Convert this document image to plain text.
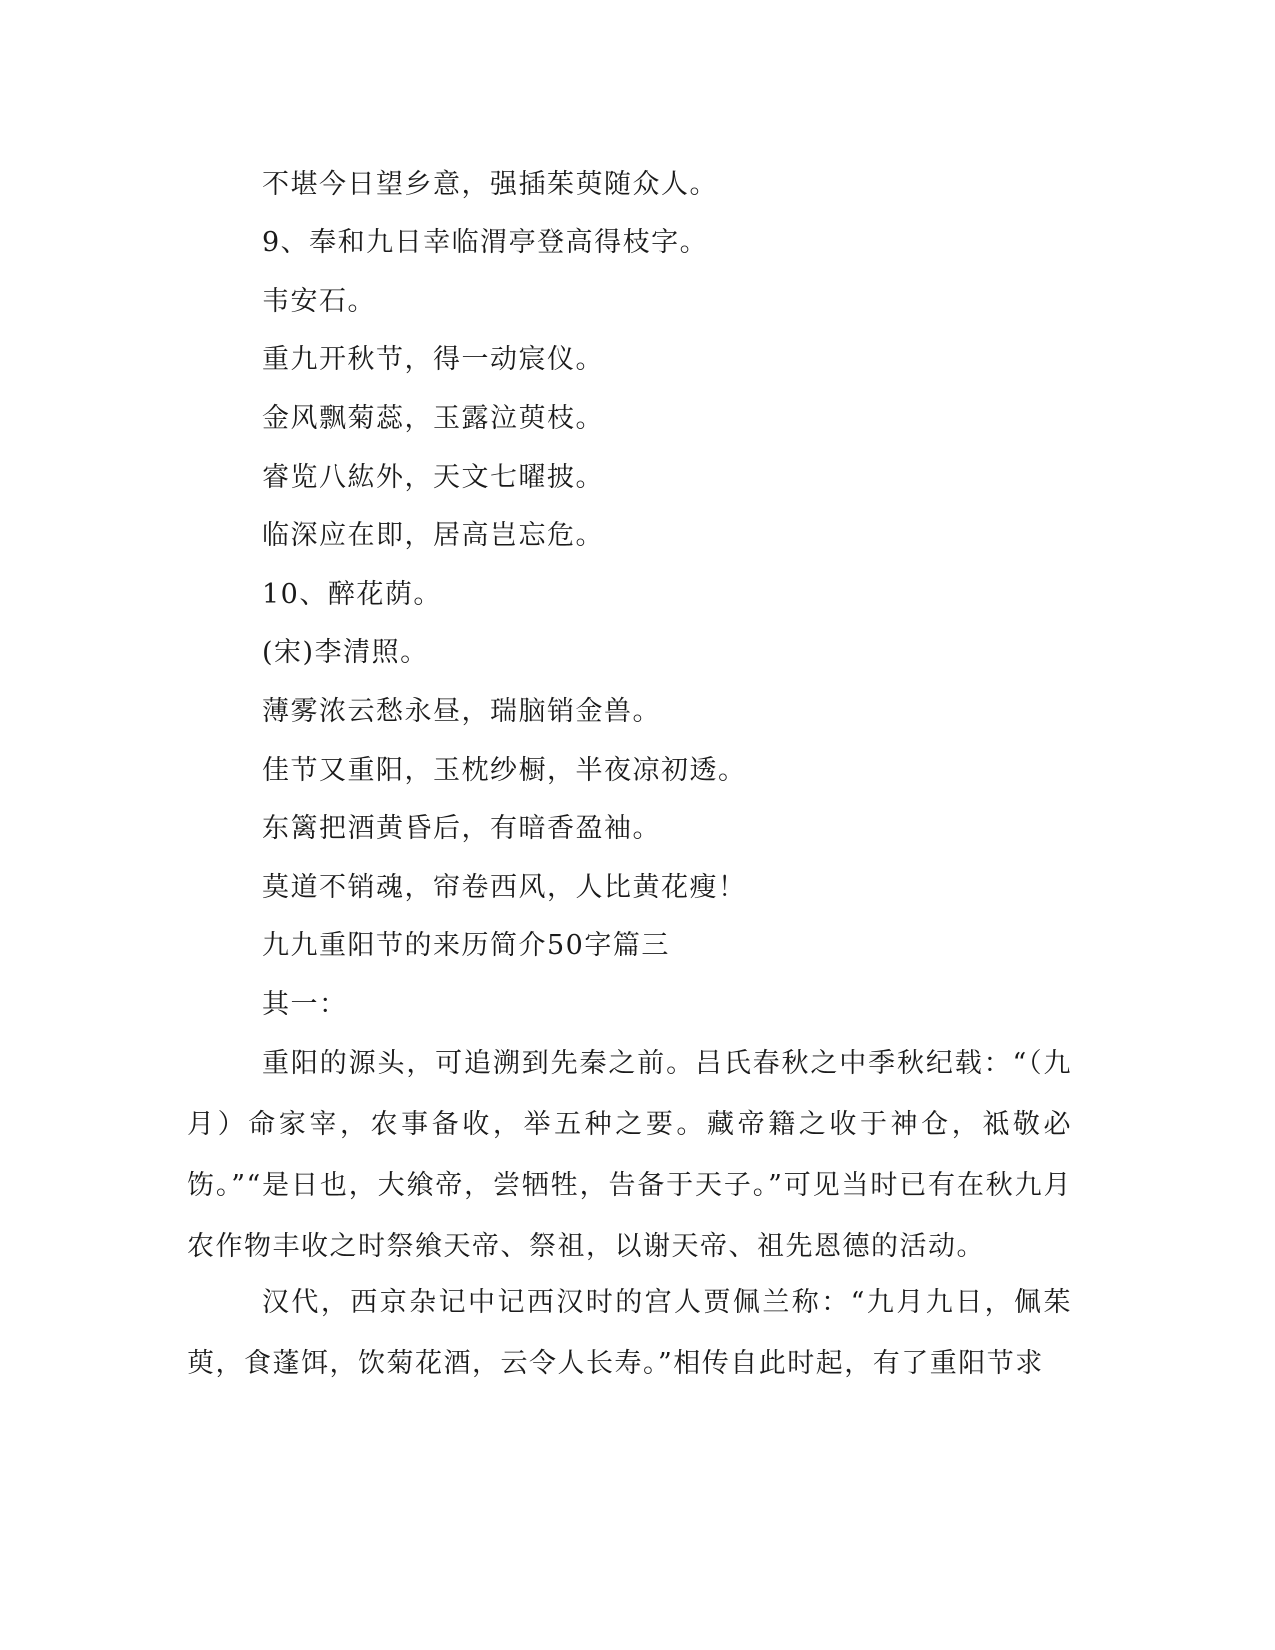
不堪今日望乡意，强插茱萸随众人。
9、奉和九日幸临渭亭登高得枝字。
韦安石。
重九开秋节，得一动宸仪。
金风飘菊蕊，玉露泣萸枝。
睿览八紘外，天文七曜披。
临深应在即，居高岂忘危。
10、醉花荫。
(宋)李清照。
薄雾浓云愁永昼，瑞脑销金兽。
佳节又重阳，玉枕纱橱，半夜凉初透。
东篱把酒黄昏后，有暗香盈袖。
莫道不销魂，帘卷西风，人比黄花瘦！
九九重阳节的来历简介50字篇三
其一：
重阳的源头，可追溯到先秦之前。吕氏春秋之中季秋纪载：“（九月）命家宰，农事备收，举五种之要。藏帝籍之收于神仓，祗敬必饬。”“是日也，大飨帝，尝牺牲，告备于天子。”可见当时已有在秋九月农作物丰收之时祭飨天帝、祭祖，以谢天帝、祖先恩德的活动。
汉代，西京杂记中记西汉时的宫人贾佩兰称：“九月九日，佩茱萸，食蓬饵，饮菊花酒，云令人长寿。”相传自此时起，有了重阳节求
